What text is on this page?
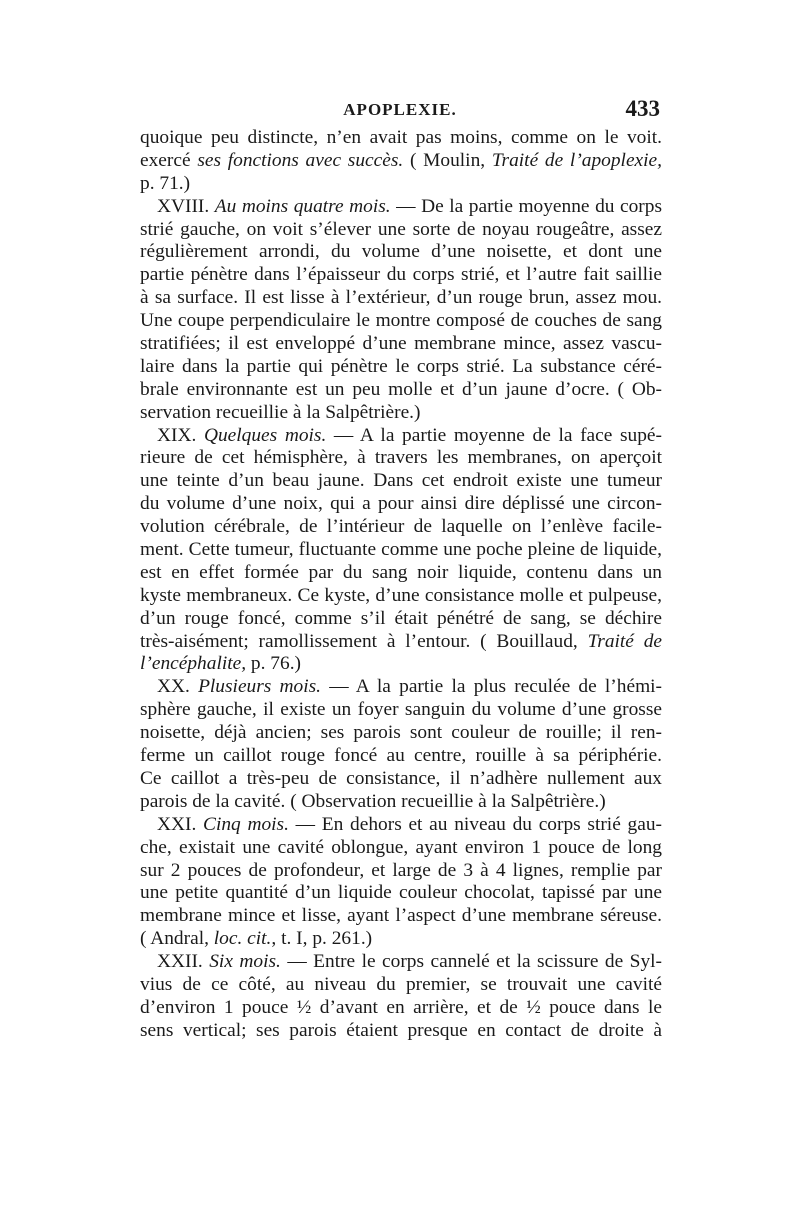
APOPLEXIE.	433
quoique peu distincte, n’en avait pas moins, comme on le voit.
exercé ses fonctions avec succès. ( Moulin, Traité de l’apoplexie,
p. 71.)
XVIII. Au moins quatre mois. — De la partie moyenne du corps
strié gauche, on voit s’élever une sorte de noyau rougeâtre, assez
régulièrement arrondi, du volume d’une noisette, et dont une
partie pénètre dans l’épaisseur du corps strié, et l’autre fait saillie
à sa surface. Il est lisse à l’extérieur, d’un rouge brun, assez mou.
Une coupe perpendiculaire le montre composé de couches de sang
stratifiées; il est enveloppé d’une membrane mince, assez vascu-
laire dans la partie qui pénètre le corps strié. La substance céré-
brale environnante est un peu molle et d’un jaune d’ocre. ( Ob-
servation recueillie à la Salpêtrière.)
XIX. Quelques mois. — A la partie moyenne de la face supé-
rieure de cet hémisphère, à travers les membranes, on aperçoit
une teinte d’un beau jaune. Dans cet endroit existe une tumeur
du volume d’une noix, qui a pour ainsi dire déplissé une circon-
volution cérébrale, de l’intérieur de laquelle on l’enlève facile-
ment. Cette tumeur, fluctuante comme une poche pleine de liquide,
est en effet formée par du sang noir liquide, contenu dans un
kyste membraneux. Ce kyste, d’une consistance molle et pulpeuse,
d’un rouge foncé, comme s’il était pénétré de sang, se déchire
très-aisément; ramollissement à l’entour. ( Bouillaud, Traité de
l’encéphalite, p. 76.)
XX. Plusieurs mois. — A la partie la plus reculée de l’hémi-
sphère gauche, il existe un foyer sanguin du volume d’une grosse
noisette, déjà ancien; ses parois sont couleur de rouille; il ren-
ferme un caillot rouge foncé au centre, rouille à sa périphérie.
Ce caillot a très-peu de consistance, il n’adhère nullement aux
parois de la cavité. ( Observation recueillie à la Salpêtrière.)
XXI. Cinq mois. — En dehors et au niveau du corps strié gau-
che, existait une cavité oblongue, ayant environ 1 pouce de long
sur 2 pouces de profondeur, et large de 3 à 4 lignes, remplie par
une petite quantité d’un liquide couleur chocolat, tapissé par une
membrane mince et lisse, ayant l’aspect d’une membrane séreuse.
( Andral, loc. cit., t. I, p. 261.)
XXII. Six mois. — Entre le corps cannelé et la scissure de Syl-
vius de ce côté, au niveau du premier, se trouvait une cavité
d’environ 1 pouce ½ d’avant en arrière, et de ½ pouce dans le
sens vertical; ses parois étaient presque en contact de droite à
